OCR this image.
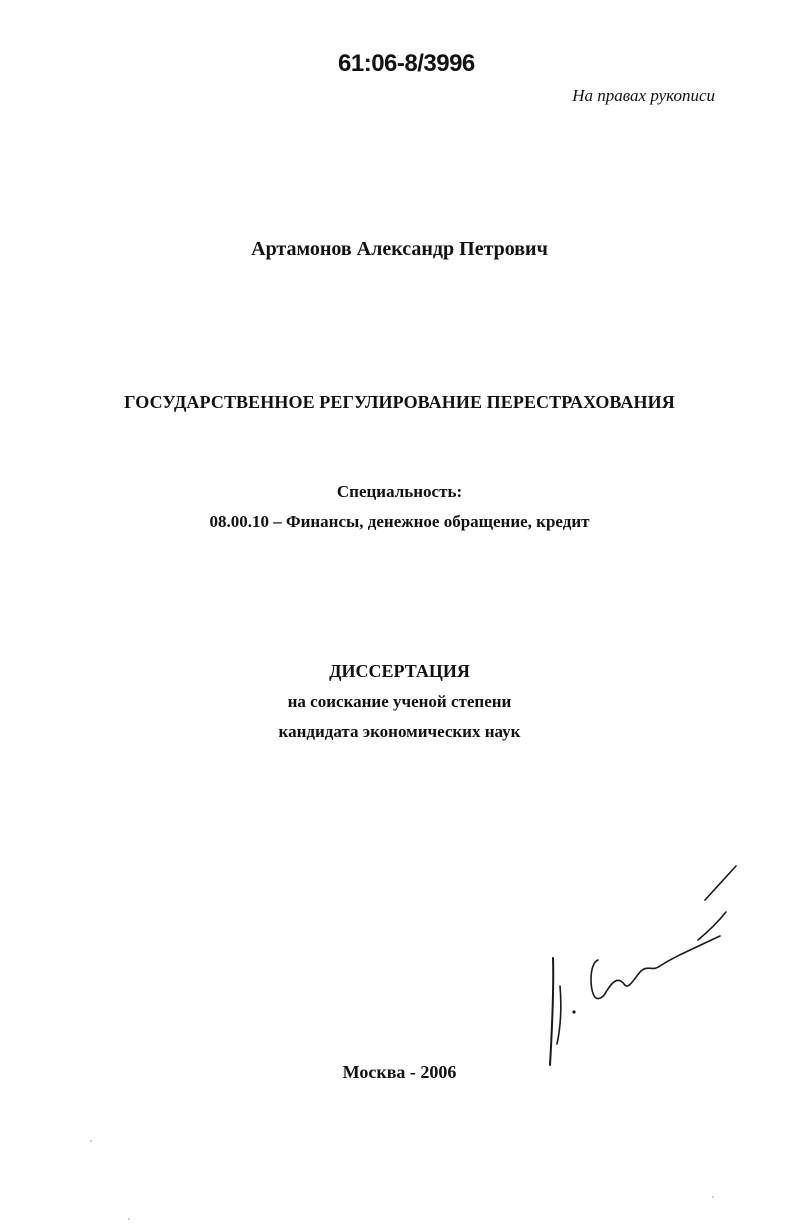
61:06-8/3996
На правах рукописи
Артамонов Александр Петрович
ГОСУДАРСТВЕННОЕ РЕГУЛИРОВАНИЕ ПЕРЕСТРАХОВАНИЯ
Специальность:
08.00.10 – Финансы, денежное обращение, кредит
ДИССЕРТАЦИЯ
на соискание ученой степени
кандидата экономических наук
Москва - 2006
